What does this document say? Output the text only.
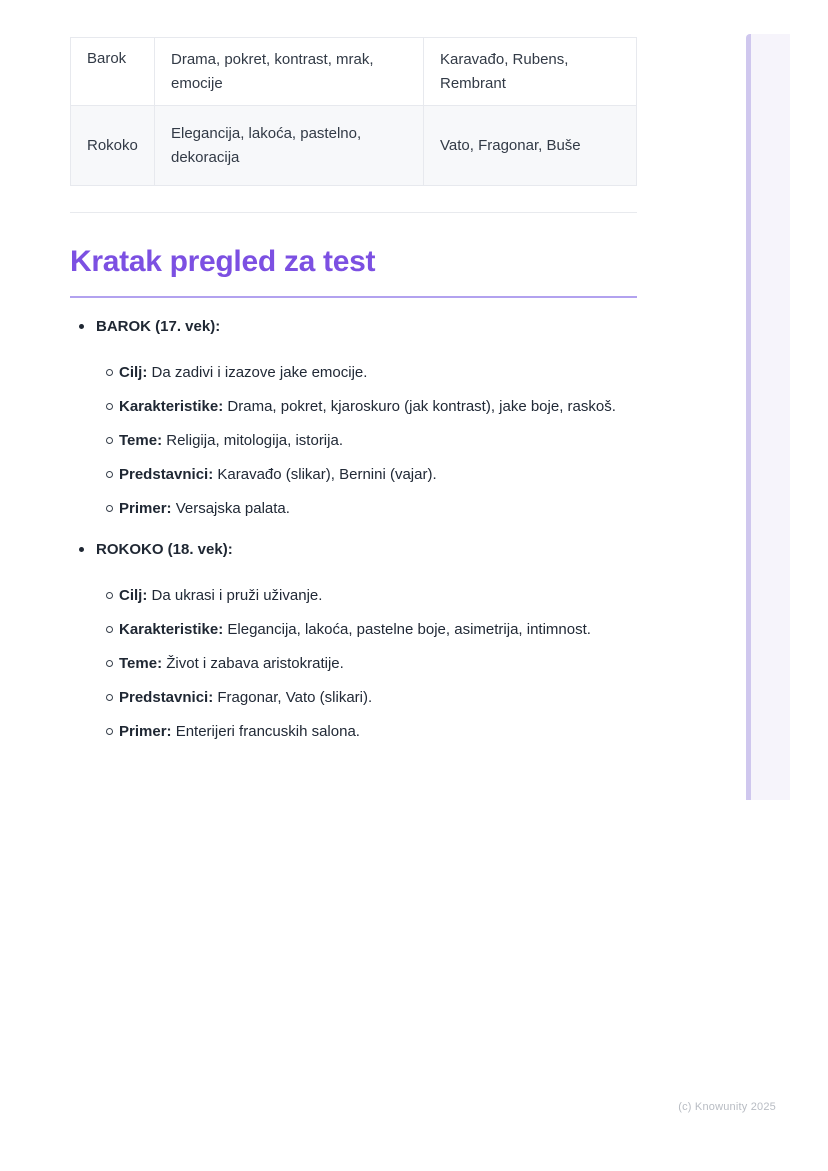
Barok	Drama, pokret, kontrast, mrak, emocije	Karavađo, Rubens, Rembrant
Rokoko	Elegancija, lakoća, pastelno, dekoracija	Vato, Fragonar, Buše
Kratak pregled za test

BAROK (17. vek):

Cilj: Da zadivi i izazove jake emocije.
Karakteristike: Drama, pokret, kjaroskuro (jak kontrast), jake boje, raskoš.
Teme: Religija, mitologija, istorija.
Predstavnici: Karavađo (slikar), Bernini (vajar).
Primer: Versajska palata.

ROKOKO (18. vek):

Cilj: Da ukrasi i pruži uživanje.
Karakteristike: Elegancija, lakoća, pastelne boje, asimetrija, intimnost.
Teme: Život i zabava aristokratije.
Predstavnici: Fragonar, Vato (slikari).
Primer: Enterijeri francuskih salona.
(c) Knowunity 2025
